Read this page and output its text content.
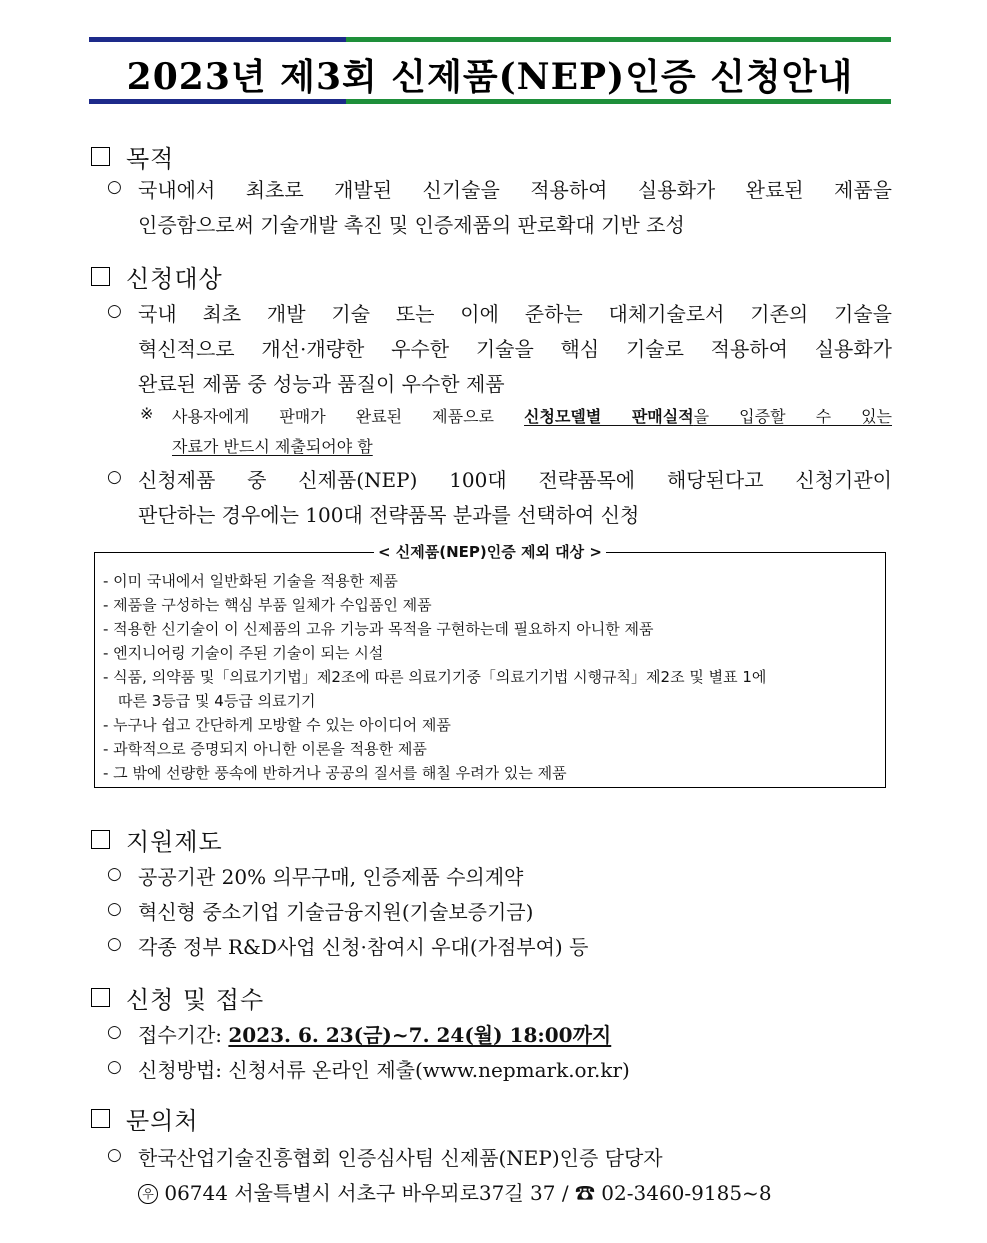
2023년 제3회 신제품(NEP)인증 신청안내
목적
○ 국내에서 최초로 개발된 신기술을 적용하여 실용화가 완료된 제품을
인증함으로써 기술개발 촉진 및 인증제품의 판로확대 기반 조성
신청대상
○ 국내 최초 개발 기술 또는 이에 준하는 대체기술로서 기존의 기술을
혁신적으로 개선·개량한 우수한 기술을 핵심 기술로 적용하여 실용화가
완료된 제품 중 성능과 품질이 우수한 제품
※ 사용자에게 판매가 완료된 제품으로 신청모델별 판매실적을 입증할 수 있는
자료가 반드시 제출되어야 함
○ 신청제품 중 신제품(NEP) 100대 전략품목에 해당된다고 신청기관이
판단하는 경우에는 100대 전략품목 분과를 선택하여 신청
< 신제품(NEP)인증 제외 대상 >
- 이미 국내에서 일반화된 기술을 적용한 제품
- 제품을 구성하는 핵심 부품 일체가 수입품인 제품
- 적용한 신기술이 이 신제품의 고유 기능과 목적을 구현하는데 필요하지 아니한 제품
- 엔지니어링 기술이 주된 기술이 되는 시설
- 식품, 의약품 및「의료기기법」제2조에 따른 의료기기중「의료기기법 시행규칙」제2조 및 별표 1에
따른 3등급 및 4등급 의료기기
- 누구나 쉽고 간단하게 모방할 수 있는 아이디어 제품
- 과학적으로 증명되지 아니한 이론을 적용한 제품
- 그 밖에 선량한 풍속에 반하거나 공공의 질서를 해칠 우려가 있는 제품
지원제도
○ 공공기관 20% 의무구매, 인증제품 수의계약
○ 혁신형 중소기업 기술금융지원(기술보증기금)
○ 각종 정부 R&D사업 신청·참여시 우대(가점부여) 등
신청 및 접수
○ 접수기간: 2023. 6. 23(금)~7. 24(월) 18:00까지
○ 신청방법: 신청서류 온라인 제출(www.nepmark.or.kr)
문의처
○ 한국산업기술진흥협회 인증심사팀 신제품(NEP)인증 담당자
우 06744 서울특별시 서초구 바우뫼로37길 37 / ☎ 02-3460-9185~8
